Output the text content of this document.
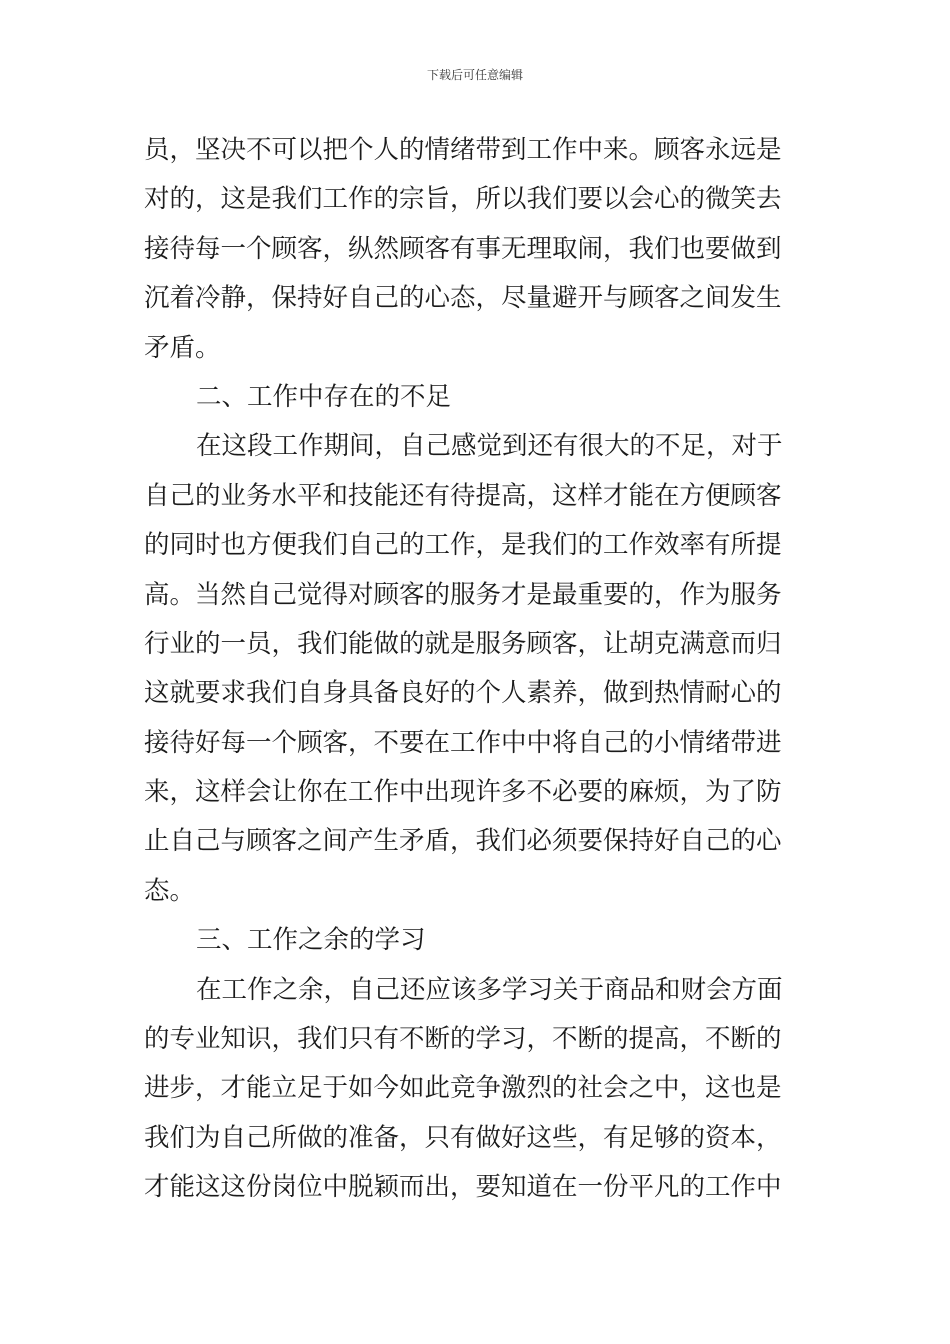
下载后可任意编辑
员，坚决不可以把个人的情绪带到工作中来。顾客永远是
对的，这是我们工作的宗旨，所以我们要以会心的微笑去
接待每一个顾客，纵然顾客有事无理取闹，我们也要做到
沉着冷静，保持好自己的心态，尽量避开与顾客之间发生
矛盾。
二、工作中存在的不足
在这段工作期间，自己感觉到还有很大的不足，对于
自己的业务水平和技能还有待提高，这样才能在方便顾客
的同时也方便我们自己的工作，是我们的工作效率有所提
高。当然自己觉得对顾客的服务才是最重要的，作为服务
行业的一员，我们能做的就是服务顾客，让胡克满意而归
这就要求我们自身具备良好的个人素养，做到热情耐心的
接待好每一个顾客，不要在工作中中将自己的小情绪带进
来，这样会让你在工作中出现许多不必要的麻烦，为了防
止自己与顾客之间产生矛盾，我们必须要保持好自己的心
态。
三、工作之余的学习
在工作之余，自己还应该多学习关于商品和财会方面
的专业知识，我们只有不断的学习，不断的提高，不断的
进步，才能立足于如今如此竞争激烈的社会之中，这也是
我们为自己所做的准备，只有做好这些，有足够的资本，
才能这这份岗位中脱颖而出，要知道在一份平凡的工作中
